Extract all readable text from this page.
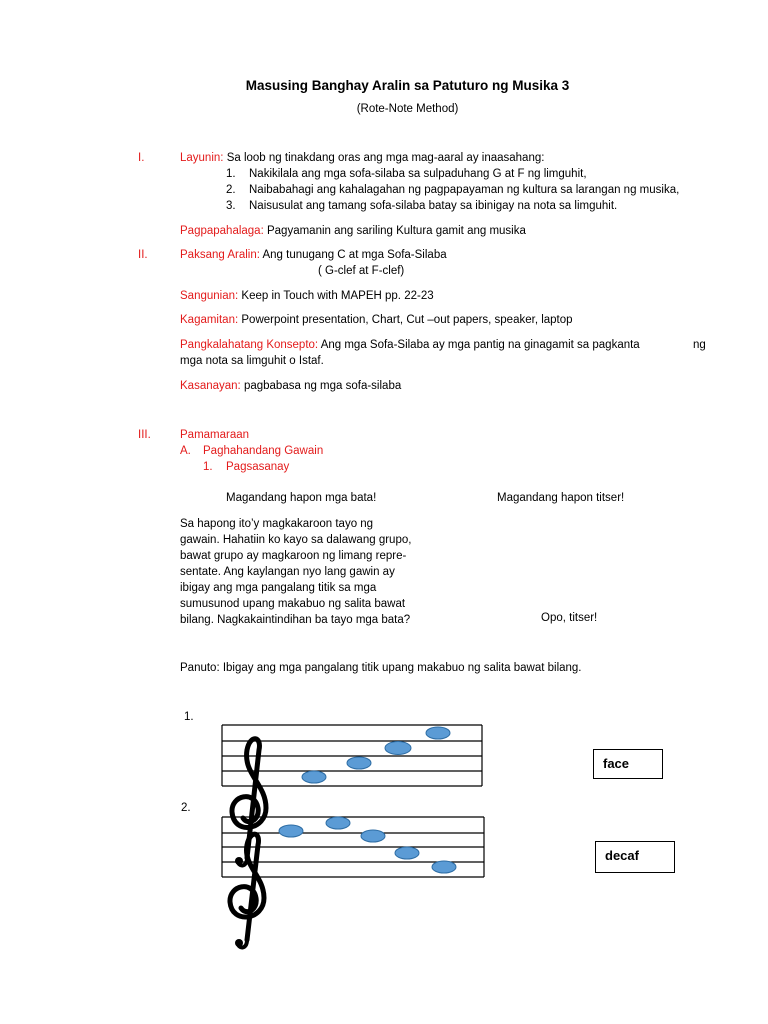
Masusing Banghay Aralin sa Patuturo ng Musika 3
(Rote-Note Method)
I.	Layunin: Sa loob ng tinakdang oras ang mga mag-aaral ay inaasahang:
1. Nakikilala ang mga sofa-silaba sa sulpaduhang G at F ng limguhit,
2. Naibabahagi ang kahalagahan ng pagpapayaman ng kultura sa larangan ng musika,
3. Naisusulat ang tamang sofa-silaba batay sa ibinigay na nota sa limguhit.
Pagpapahalaga: Pagyamanin ang sariling Kultura gamit ang musika
II.	Paksang Aralin: Ang tunugang C at mga Sofa-Silaba
( G-clef at F-clef)
Sangunian: Keep in Touch with MAPEH pp. 22-23
Kagamitan: Powerpoint presentation, Chart, Cut –out papers, speaker, laptop
Pangkalahatang Konsepto: Ang mga Sofa-Silaba ay mga pantig na ginagamit sa pagkanta	ng
mga nota sa limguhit o Istaf.
Kasanayan: pagbabasa ng mga sofa-silaba
III.	Pamamaraan
A. Paghahandang Gawain
1. Pagsasanay
Magandang hapon mga bata!	Magandang hapon titser!
Sa hapong ito’y magkakaroon tayo ng
gawain. Hahatiin ko kayo sa dalawang grupo,
bawat grupo ay magkaroon ng limang repre-
sentate. Ang kaylangan nyo lang gawin ay
ibigay ang mga pangalang titik sa mga
sumusunod upang makabuo ng salita bawat
bilang. Nagkakaintindihan ba tayo mga bata?	Opo, titser!
Panuto: Ibigay ang mga pangalang titik upang makabuo ng salita bawat bilang.
1.
2.
face
decaf
